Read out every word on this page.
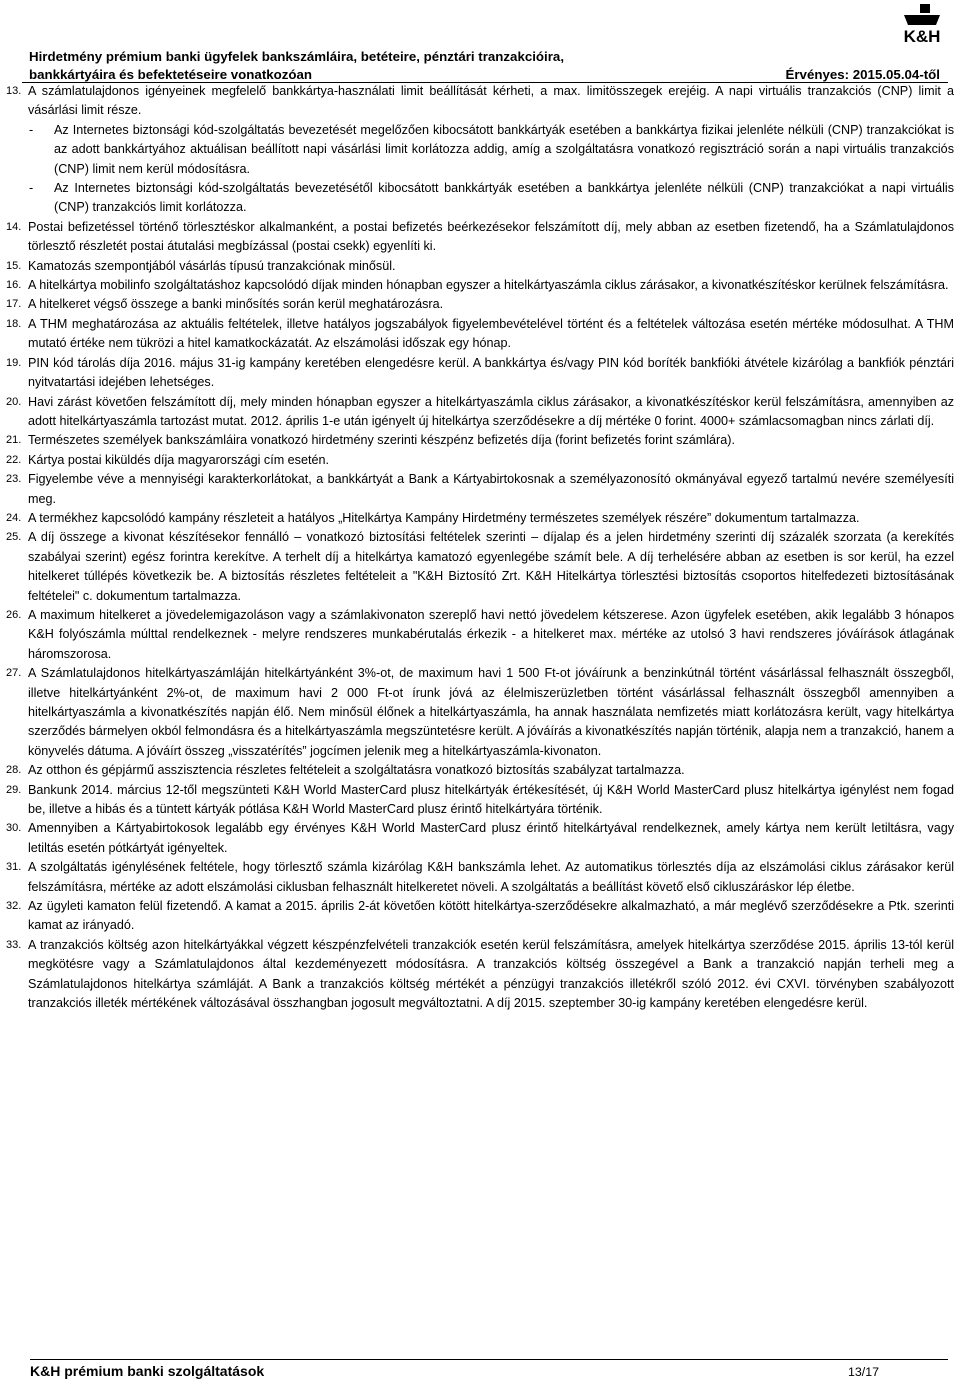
K&H
Hirdetmény prémium banki ügyfelek bankszámláira, betéteire, pénztári tranzakcióira,
bankkártyáira és befektetéseire vonatkozóan	Érvényes: 2015.05.04-től

13. A számlatulajdonos igényeinek megfelelő bankkártya-használati limit beállítását kérheti, a max. limitösszegek erejéig. A napi virtuális tranzakciós (CNP) limit a vásárlási limit része.

- Az Internetes biztonsági kód-szolgáltatás bevezetését megelőzően kibocsátott bankkártyák esetében a bankkártya fizikai jelenléte nélküli (CNP) tranzakciókat is az adott bankkártyához aktuálisan beállított napi vásárlási limit korlátozza addig, amíg a szolgáltatásra vonatkozó regisztráció során a napi virtuális tranzakciós (CNP) limit nem kerül módosításra.

- Az Internetes biztonsági kód-szolgáltatás bevezetésétől kibocsátott bankkártyák esetében a bankkártya jelenléte nélküli (CNP) tranzakciókat a napi virtuális (CNP) tranzakciós limit korlátozza.

14. Postai befizetéssel történő törlesztéskor alkalmanként, a postai befizetés beérkezésekor felszámított díj, mely abban az esetben fizetendő, ha a Számlatulajdonos törlesztő részletét postai átutalási megbízással (postai csekk) egyenlíti ki.

15. Kamatozás szempontjából vásárlás típusú tranzakciónak minősül.

16. A hitelkártya mobilinfo szolgáltatáshoz kapcsolódó díjak minden hónapban egyszer a hitelkártyaszámla ciklus zárásakor, a kivonatkészítéskor kerülnek felszámításra.

17. A hitelkeret végső összege a banki minősítés során kerül meghatározásra.

18. A THM meghatározása az aktuális feltételek, illetve hatályos jogszabályok figyelembevételével történt és a feltételek változása esetén mértéke módosulhat. A THM mutató értéke nem tükrözi a hitel kamatkockázatát. Az elszámolási időszak egy hónap.

19. PIN kód tárolás díja 2016. május 31-ig kampány keretében elengedésre kerül. A bankkártya és/vagy PIN kód boríték bankfióki átvétele kizárólag a bankfiók pénztári nyitvatartási idejében lehetséges.

20. Havi zárást követően felszámított díj, mely minden hónapban egyszer a hitelkártyaszámla ciklus zárásakor, a kivonatkészítéskor kerül felszámításra, amennyiben az adott hitelkártyaszámla tartozást mutat. 2012. április 1-e után igényelt új hitelkártya szerződésekre a díj mértéke 0 forint. 4000+ számlacsomagban nincs zárlati díj.

21. Természetes személyek bankszámláira vonatkozó hirdetmény szerinti készpénz befizetés díja (forint befizetés forint számlára).

22. Kártya postai kiküldés díja magyarországi cím esetén.

23. Figyelembe véve a mennyiségi karakterkorlátokat, a bankkártyát a Bank a Kártyabirtokosnak a személyazonosító okmányával egyező tartalmú nevére személyesíti meg.

24. A termékhez kapcsolódó kampány részleteit a hatályos „Hitelkártya Kampány Hirdetmény természetes személyek részére” dokumentum tartalmazza.

25. A díj összege a kivonat készítésekor fennálló – vonatkozó biztosítási feltételek szerinti – díjalap és a jelen hirdetmény szerinti díj százalék szorzata (a kerekítés szabályai szerint) egész forintra kerekítve. A terhelt díj a hitelkártya kamatozó egyenlegébe számít bele. A díj terhelésére abban az esetben is sor kerül, ha ezzel hitelkeret túllépés következik be. A biztosítás részletes feltételeit a "K&H Biztosító Zrt. K&H Hitelkártya törlesztési biztosítás csoportos hitelfedezeti biztosításának feltételei" c. dokumentum tartalmazza.

26. A maximum hitelkeret a jövedelemigazoláson vagy a számlakivonaton szereplő havi nettó jövedelem kétszerese. Azon ügyfelek esetében, akik legalább 3 hónapos K&H folyószámla múlttal rendelkeznek - melyre rendszeres munkabérutalás érkezik - a hitelkeret max. mértéke az utolsó 3 havi rendszeres jóváírások átlagának háromszorosa.

27. A Számlatulajdonos hitelkártyaszámláján hitelkártyánként 3%-ot, de maximum havi 1 500 Ft-ot jóváírunk a benzinkútnál történt vásárlással felhasznált összegből, illetve hitelkártyánként 2%-ot, de maximum havi 2 000 Ft-ot írunk jóvá az élelmiszerüzletben történt vásárlással felhasznált összegből amennyiben a hitelkártyaszámla a kivonatkészítés napján élő. Nem minősül élőnek a hitelkártyaszámla, ha annak használata nemfizetés miatt korlátozásra került, vagy hitelkártya szerződés bármelyen okból felmondásra és a hitelkártyaszámla megszüntetésre került. A jóváírás a kivonatkészítés napján történik, alapja nem a tranzakció, hanem a könyvelés dátuma. A jóváírt összeg „visszatérítés” jogcímen jelenik meg a hitelkártyaszámla-kivonaton.

28. Az otthon és gépjármű asszisztencia részletes feltételeit a szolgáltatásra vonatkozó biztosítás szabályzat tartalmazza.

29. Bankunk 2014. március 12-től megszünteti K&H World MasterCard plusz hitelkártyák értékesítését, új K&H World MasterCard plusz hitelkártya igénylést nem fogad be, illetve a hibás és a tüntett kártyák pótlása K&H World MasterCard plusz érintő hitelkártyára történik.

30. Amennyiben a Kártyabirtokosok legalább egy érvényes K&H World MasterCard plusz érintő hitelkártyával rendelkeznek, amely kártya nem került letiltásra, vagy letiltás esetén pótkártyát igényeltek.

31. A szolgáltatás igénylésének feltétele, hogy törlesztő számla kizárólag K&H bankszámla lehet. Az automatikus törlesztés díja az elszámolási ciklus zárásakor kerül felszámításra, mértéke az adott elszámolási ciklusban felhasznált hitelkeretet növeli. A szolgáltatás a beállítást követő első cikluszáráskor lép életbe.

32. Az ügyleti kamaton felül fizetendő. A kamat a 2015. április 2-át követően kötött hitelkártya-szerződésekre alkalmazható, a már meglévő szerződésekre a Ptk. szerinti kamat az irányadó.

33. A tranzakciós költség azon hitelkártyákkal végzett készpénzfelvételi tranzakciók esetén kerül felszámításra, amelyek hitelkártya szerződése 2015. április 13-tól kerül megkötésre vagy a Számlatulajdonos által kezdeményezett módosításra. A tranzakciós költség összegével a Bank a tranzakció napján terheli meg a Számlatulajdonos hitelkártya számláját. A Bank a tranzakciós költség mértékét a pénzügyi tranzakciós illetékről szóló 2012. évi CXVI. törvényben szabályozott tranzakciós illeték mértékének változásával összhangban jogosult megváltoztatni. A díj 2015. szeptember 30-ig kampány keretében elengedésre kerül.

K&H prémium banki szolgáltatások	13/17
